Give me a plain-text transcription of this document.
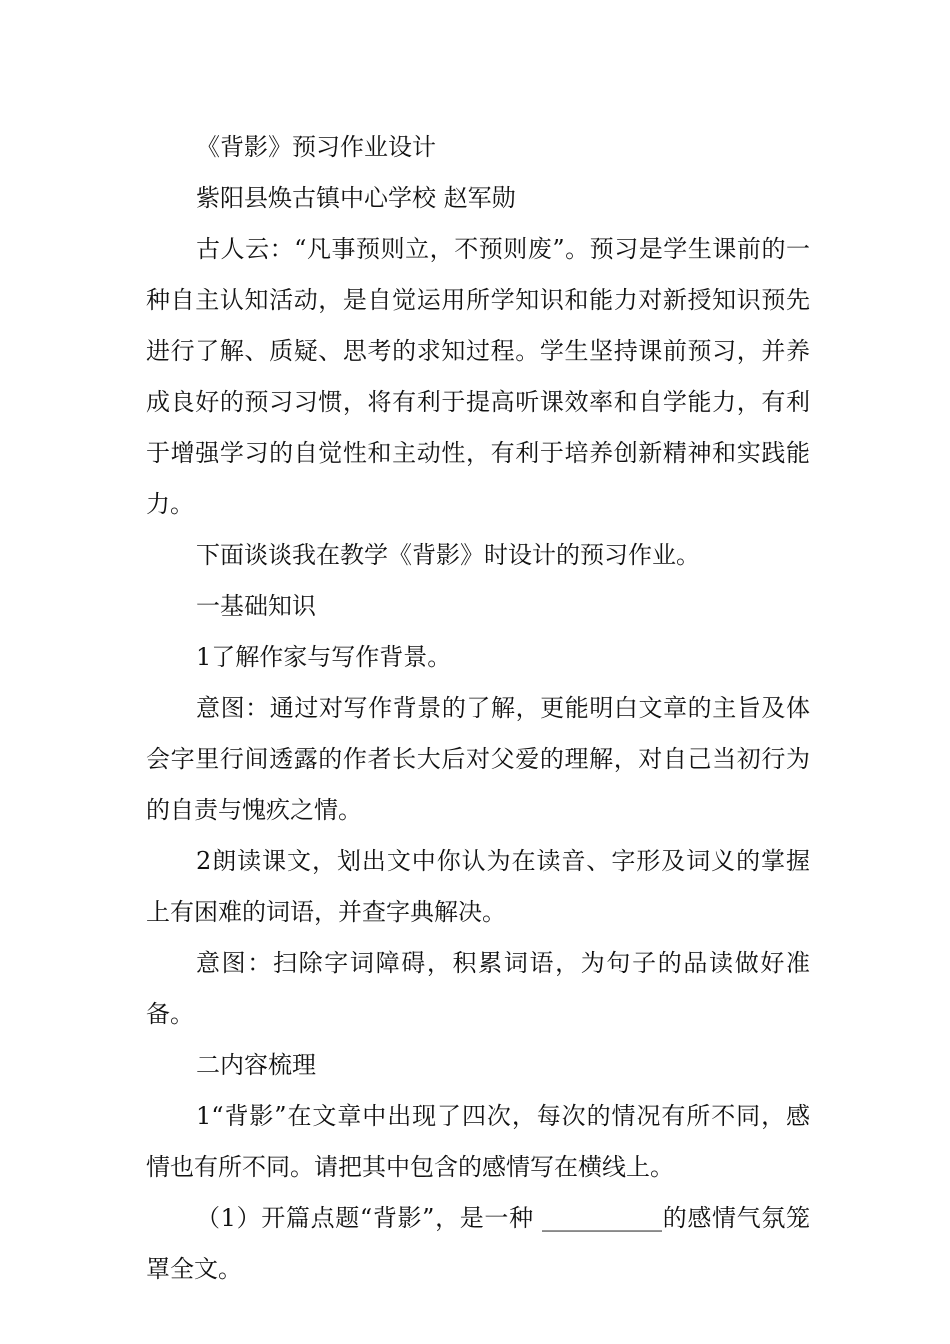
《背影》预习作业设计

紫阳县焕古镇中心学校 赵军勋

古人云：“凡事预则立，不预则废”。预习是学生课前的一种自主认知活动，是自觉运用所学知识和能力对新授知识预先进行了解、质疑、思考的求知过程。学生坚持课前预习，并养成良好的预习习惯，将有利于提高听课效率和自学能力，有利于增强学习的自觉性和主动性，有利于培养创新精神和实践能力。

下面谈谈我在教学《背影》时设计的预习作业。

一基础知识

1了解作家与写作背景。

意图：通过对写作背景的了解，更能明白文章的主旨及体会字里行间透露的作者长大后对父爱的理解，对自己当初行为的自责与愧疚之情。

2朗读课文，划出文中你认为在读音、字形及词义的掌握上有困难的词语，并查字典解决。

意图：扫除字词障碍，积累词语，为句子的品读做好准备。

二内容梳理

1“背影”在文章中出现了四次，每次的情况有所不同，感情也有所不同。请把其中包含的感情写在横线上。

（1）开篇点题“背影”，是一种 __________的感情气氛笼罩全文。
